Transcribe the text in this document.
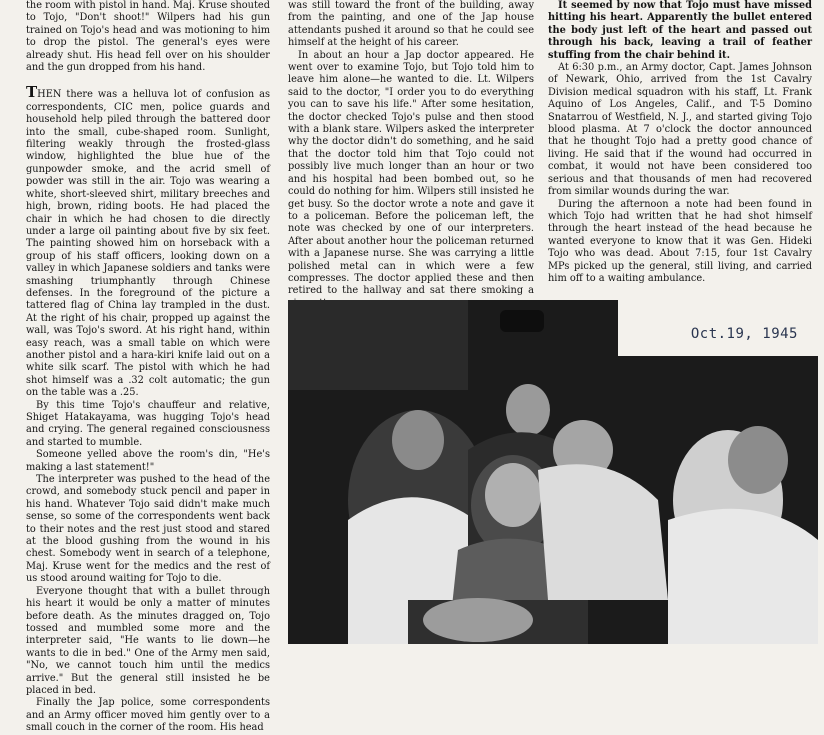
the room with pistol in hand. Maj. Kruse shouted to Tojo, "Don't shoot!" Wilpers had his gun trained on Tojo's head and was motioning to him to drop the pistol. The general's eyes were already shut. His head fell over on his shoulder and the gun dropped from his hand.

THEN there was a helluva lot of confusion as correspondents, CIC men, police guards and household help piled through the battered door into the small, cube-shaped room. Sunlight, filtering weakly through the frosted-glass window, highlighted the blue hue of the gunpowder smoke, and the acrid smell of powder was still in the air. Tojo was wearing a white, short-sleeved shirt, military breeches and high, brown, riding boots. He had placed the chair in which he had chosen to die directly under a large oil painting about five by six feet. The painting showed him on horseback with a group of his staff officers, looking down on a valley in which Japanese soldiers and tanks were smashing triumphantly through Chinese defenses. In the foreground of the picture a tattered flag of China lay trampled in the dust. At the right of his chair, propped up against the wall, was Tojo's sword. At his right hand, within easy reach, was a small table on which were another pistol and a hara-kiri knife laid out on a white silk scarf. The pistol with which he had shot himself was a .32 colt automatic; the gun on the table was a .25.

By this time Tojo's chauffeur and relative, Shiget Hatakayama, was hugging Tojo's head and crying. The general regained consciousness and started to mumble.

Someone yelled above the room's din, "He's making a last statement!"

The interpreter was pushed to the head of the crowd, and somebody stuck pencil and paper in his hand. Whatever Tojo said didn't make much sense, so some of the correspondents went back to their notes and the rest just stood and stared at the blood gushing from the wound in his chest. Somebody went in search of a telephone, Maj. Kruse went for the medics and the rest of us stood around waiting for Tojo to die.

Everyone thought that with a bullet through his heart it would be only a matter of minutes before death. As the minutes dragged on, Tojo tossed and mumbled some more and the interpreter said, "He wants to lie down—he wants to die in bed." One of the Army men said, "No, we cannot touch him until the medics arrive." But the general still insisted he be placed in bed.

Finally the Jap police, some correspondents and an Army officer moved him gently over to a small couch in the corner of the room. His head

was still toward the front of the building, away from the painting, and one of the Jap house attendants pushed it around so that he could see himself at the height of his career.

In about an hour a Jap doctor appeared. He went over to examine Tojo, but Tojo told him to leave him alone—he wanted to die. Lt. Wilpers said to the doctor, "I order you to do everything you can to save his life." After some hesitation, the doctor checked Tojo's pulse and then stood with a blank stare. Wilpers asked the interpreter why the doctor didn't do something, and he said that the doctor told him that Tojo could not possibly live much longer than an hour or two and his hospital had been bombed out, so he could do nothing for him. Wilpers still insisted he get busy. So the doctor wrote a note and gave it to a policeman. Before the policeman left, the note was checked by one of our interpreters. After about another hour the policeman returned with a Japanese nurse. She was carrying a little polished metal can in which were a few compresses. The doctor applied these and then retired to the hallway and sat there smoking a

It seemed by now that Tojo must have missed hitting his heart. Apparently the bullet entered the body just left of the heart and passed out through his back, leaving a trail of feather stuffing from the chair behind it.

At 6:30 p.m., an Army doctor, Capt. James Johnson of Newark, Ohio, arrived from the 1st Cavalry Division medical squadron with his staff, Lt. Frank Aquino of Los Angeles, Calif., and T-5 Domino Snatarrou of Westfield, N. J., and started giving Tojo blood plasma. At 7 o'clock the doctor announced that he thought Tojo had a pretty good chance of living. He said that if the wound had occurred in combat, it would not have been considered too serious and that thousands of men had recovered from similar wounds during the war.

During the afternoon a note had been found in which Tojo had written that he had shot himself through the heart instead of the head because he wanted everyone to know that it was Gen. Hideki Tojo who was dead. About 7:15, four 1st Cavalry MPs picked up the general, still living, and carried him off to a waiting ambulance.

Oct.19, 1945
